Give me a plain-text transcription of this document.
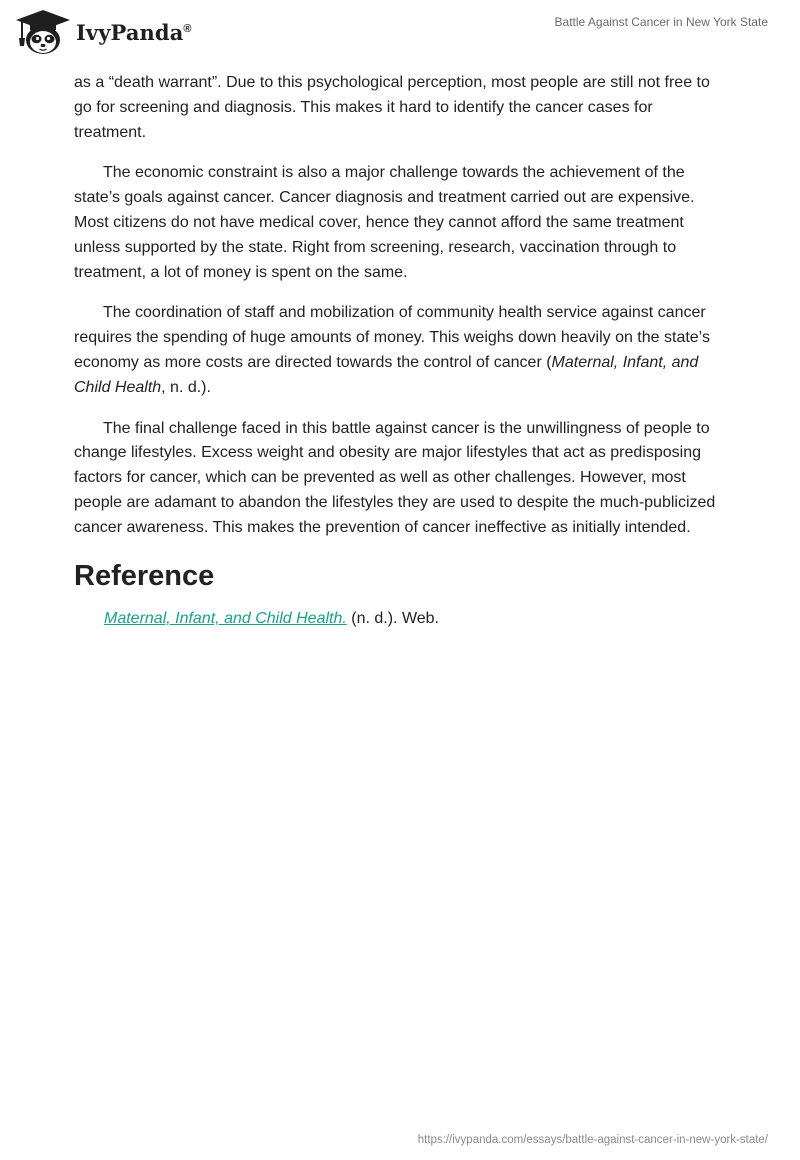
IvyPanda®	Battle Against Cancer in New York State

as a “death warrant”. Due to this psychological perception, most people are still not free to go for screening and diagnosis. This makes it hard to identify the cancer cases for treatment.

The economic constraint is also a major challenge towards the achievement of the state’s goals against cancer. Cancer diagnosis and treatment carried out are expensive. Most citizens do not have medical cover, hence they cannot afford the same treatment unless supported by the state. Right from screening, research, vaccination through to treatment, a lot of money is spent on the same.

The coordination of staff and mobilization of community health service against cancer requires the spending of huge amounts of money. This weighs down heavily on the state’s economy as more costs are directed towards the control of cancer (Maternal, Infant, and Child Health, n. d.).

The final challenge faced in this battle against cancer is the unwillingness of people to change lifestyles. Excess weight and obesity are major lifestyles that act as predisposing factors for cancer, which can be prevented as well as other challenges. However, most people are adamant to abandon the lifestyles they are used to despite the much-publicized cancer awareness. This makes the prevention of cancer ineffective as initially intended.

Reference

Maternal, Infant, and Child Health. (n. d.). Web.

https://ivypanda.com/essays/battle-against-cancer-in-new-york-state/
